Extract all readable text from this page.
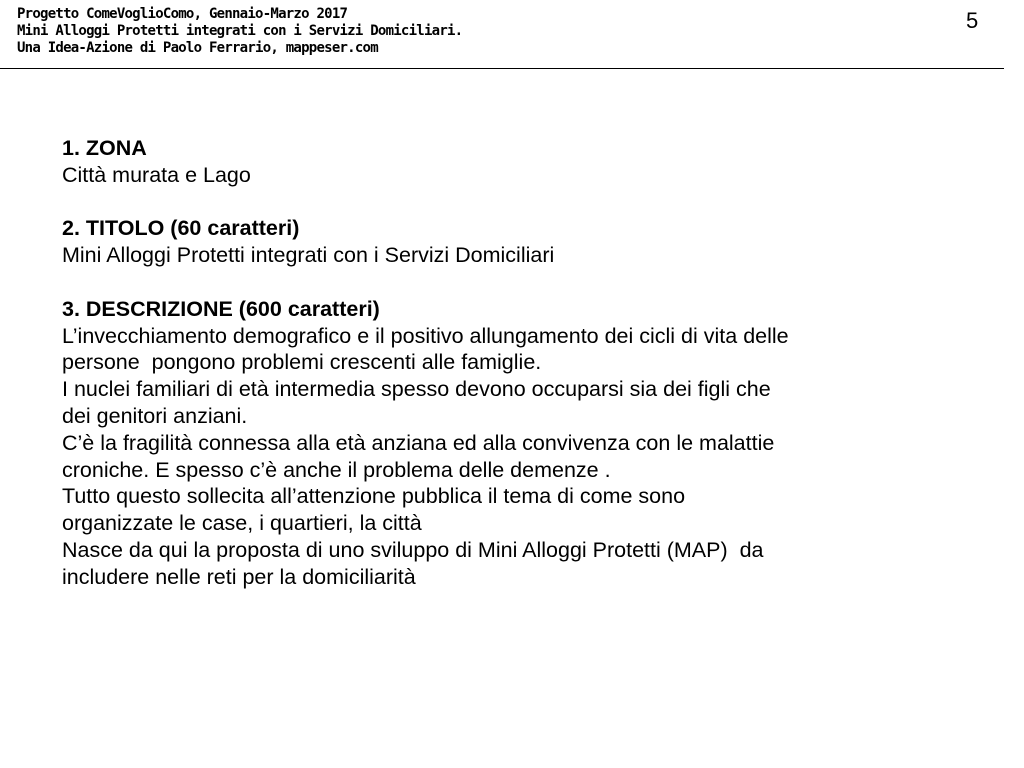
Progetto ComeVoglioComo, Gennaio-Marzo 2017
Mini Alloggi Protetti integrati con i Servizi Domiciliari.
Una Idea-Azione di Paolo Ferrario, mappeser.com
5
1. ZONA
Città murata e Lago
2. TITOLO (60 caratteri)
Mini Alloggi Protetti integrati con i Servizi Domiciliari
3. DESCRIZIONE (600 caratteri)
L’invecchiamento demografico e il positivo allungamento dei cicli di vita delle
persone  pongono problemi crescenti alle famiglie.
I nuclei familiari di età intermedia spesso devono occuparsi sia dei figli che
dei genitori anziani.
C’è la fragilità connessa alla età anziana ed alla convivenza con le malattie
croniche. E spesso c’è anche il problema delle demenze .
Tutto questo sollecita all’attenzione pubblica il tema di come sono
organizzate le case, i quartieri, la città
Nasce da qui la proposta di uno sviluppo di Mini Alloggi Protetti (MAP)  da
includere nelle reti per la domiciliarità
